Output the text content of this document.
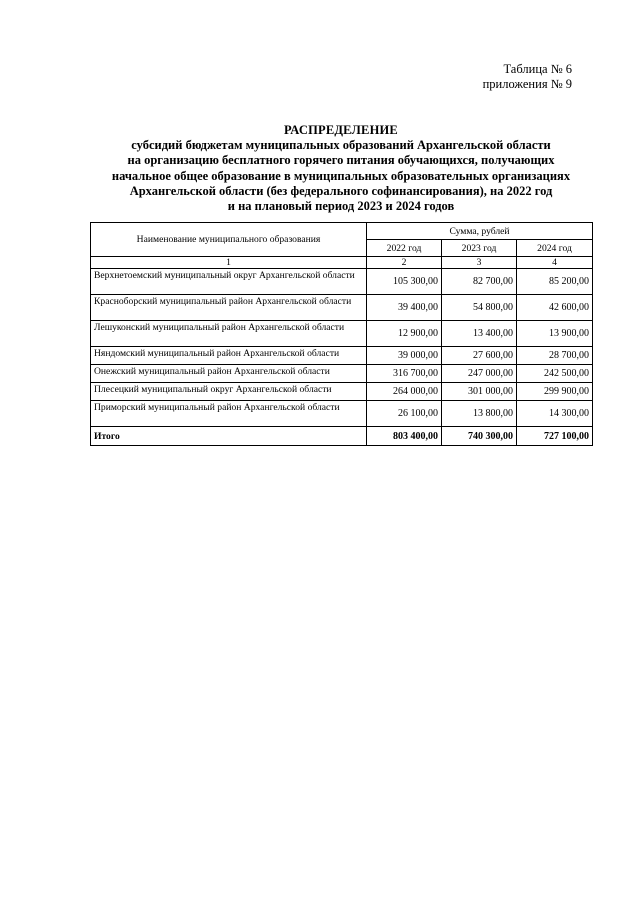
Таблица № 6
приложения № 9
РАСПРЕДЕЛЕНИЕ
субсидий бюджетам муниципальных образований Архангельской области
на организацию бесплатного горячего питания обучающихся, получающих
начальное общее образование в муниципальных образовательных организациях
Архангельской области (без федерального софинансирования), на 2022 год
и на плановый период 2023 и 2024 годов
Наименование муниципального образования	Сумма, рублей		
	2022 год	2023 год	2024 год
1	2	3	4
Верхнетоемский муниципальный округ Архангельской области	105 300,00	82 700,00	85 200,00
Красноборский муниципальный район Архангельской области	39 400,00	54 800,00	42 600,00
Лешуконский муниципальный район Архангельской области	12 900,00	13 400,00	13 900,00
Няндомский муниципальный район Архангельской области	39 000,00	27 600,00	28 700,00
Онежский муниципальный район Архангельской области	316 700,00	247 000,00	242 500,00
Плесецкий муниципальный округ Архангельской области	264 000,00	301 000,00	299 900,00
Приморский муниципальный район Архангельской области	26 100,00	13 800,00	14 300,00
Итого	803 400,00	740 300,00	727 100,00
